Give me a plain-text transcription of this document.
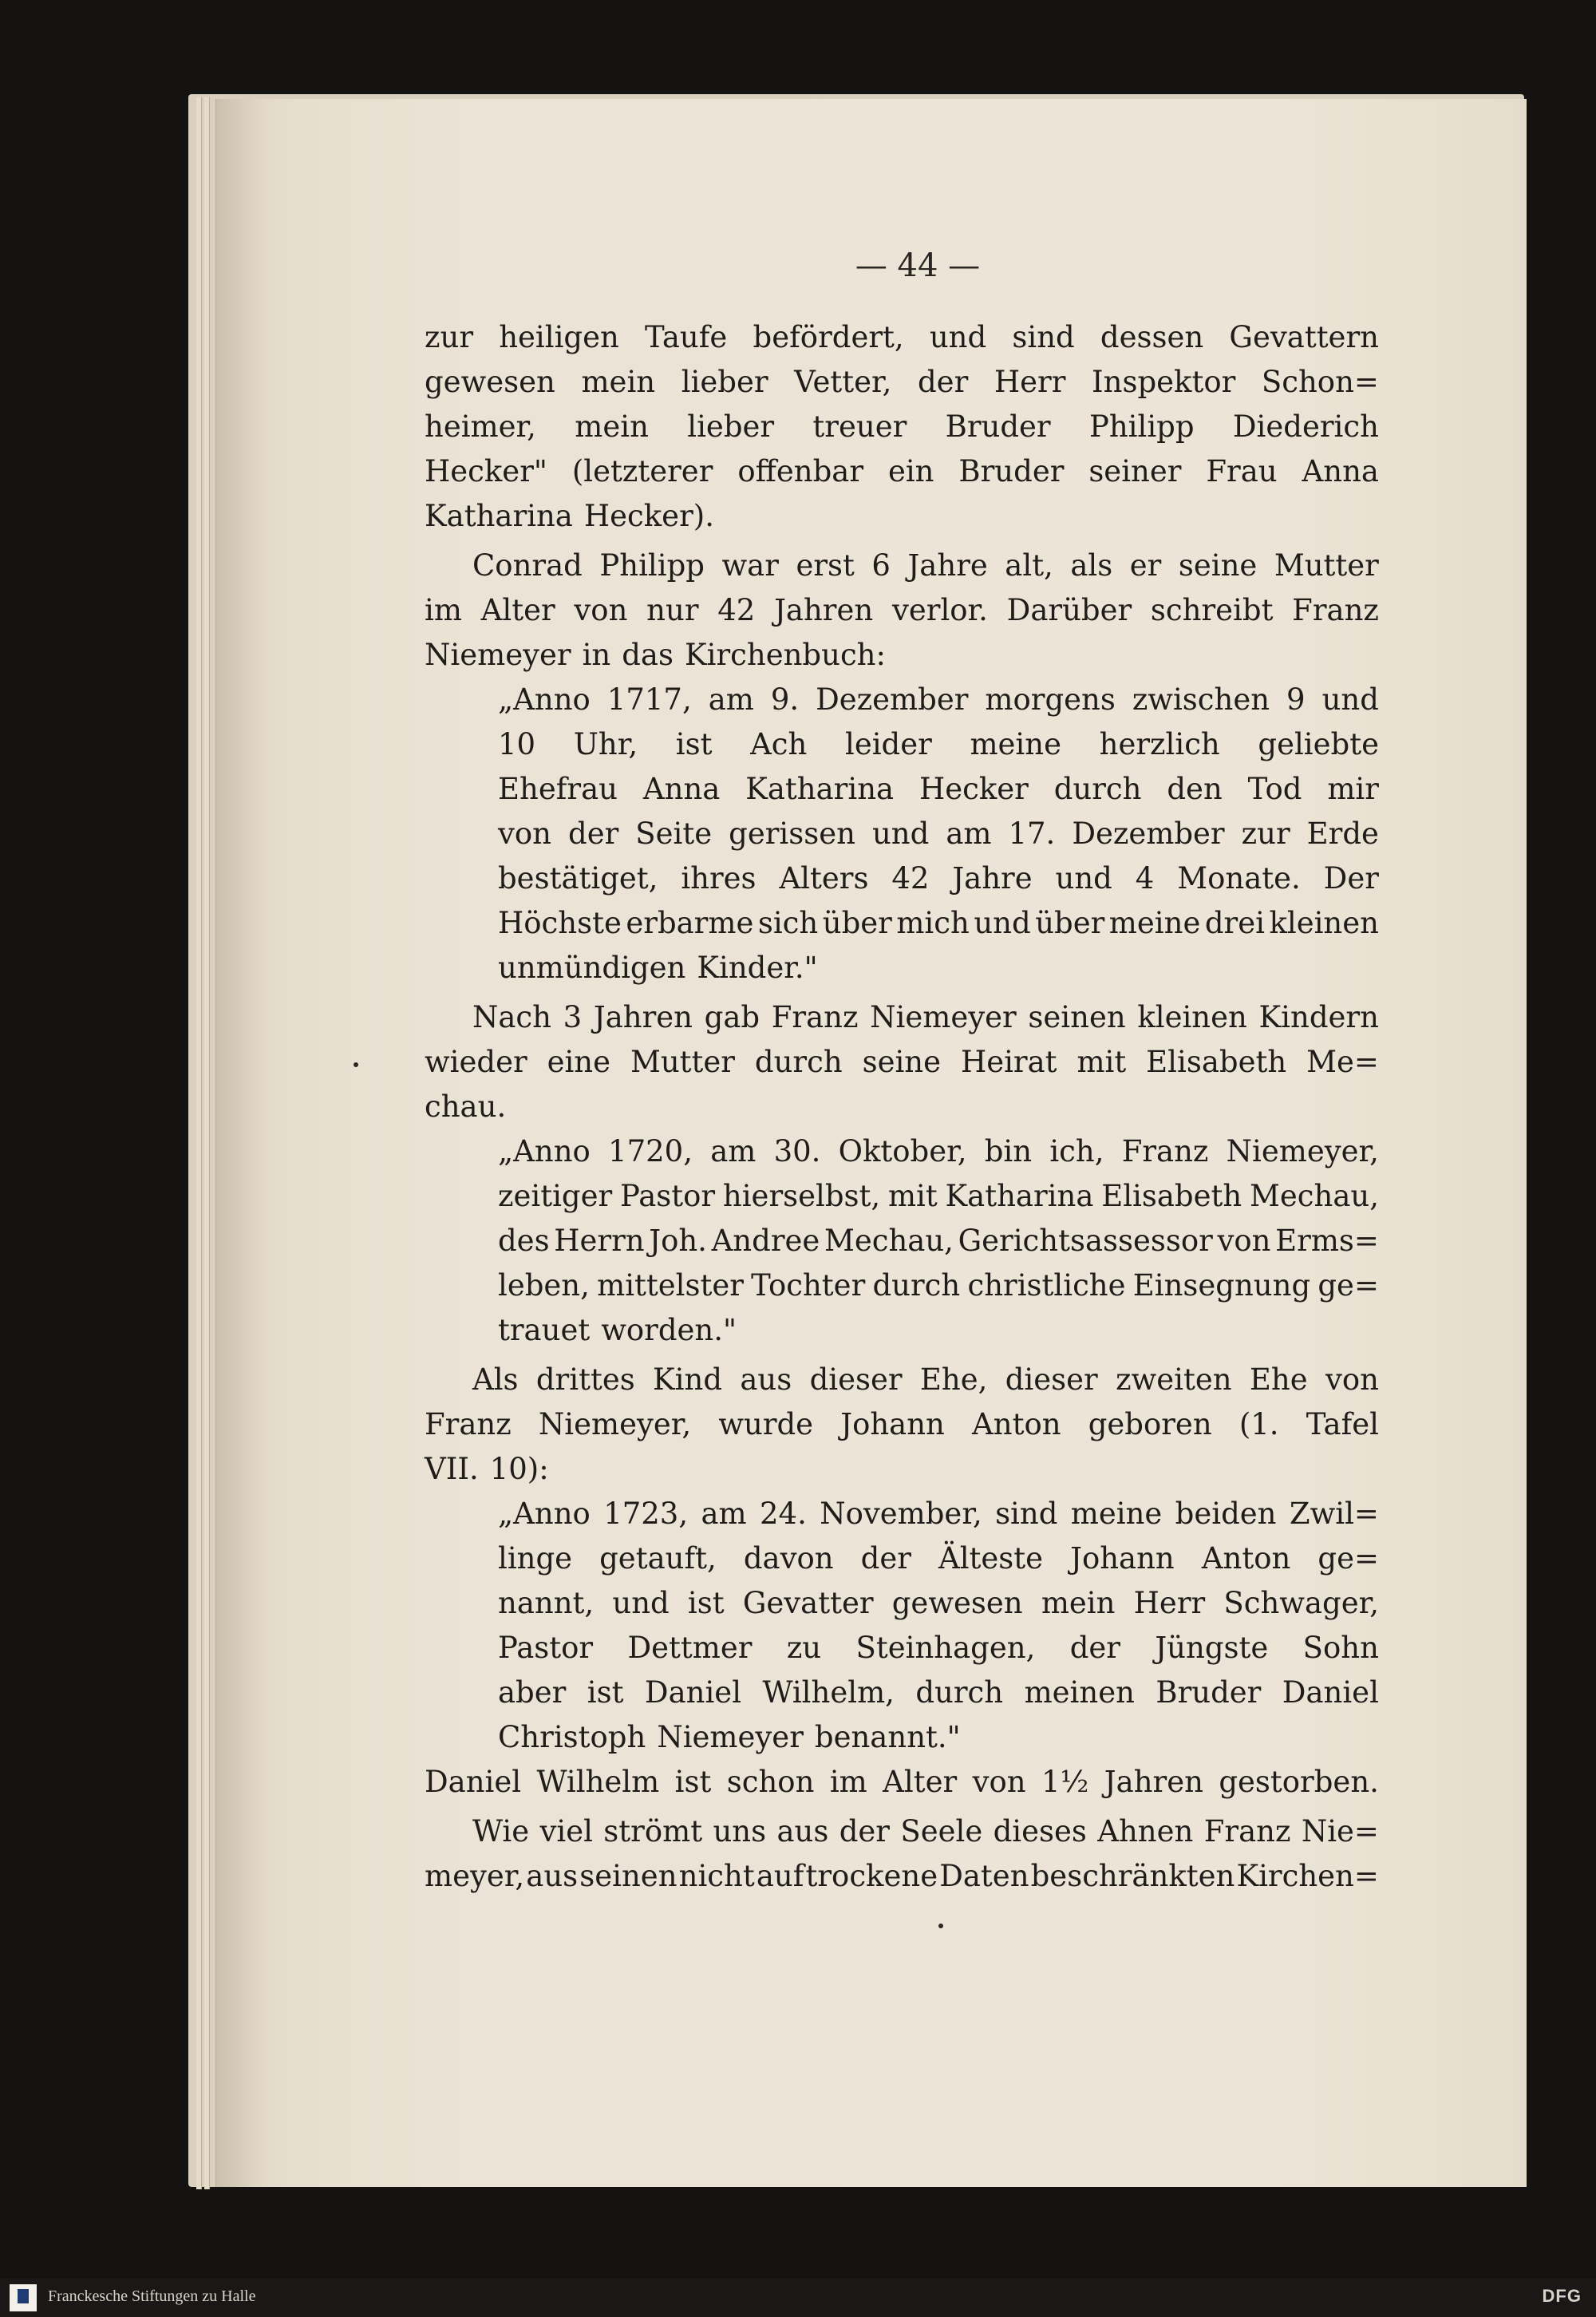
— 44 —
zur heiligen Taufe befördert, und sind dessen Gevattern
gewesen mein lieber Vetter, der Herr Inspektor Schon=
heimer, mein lieber treuer Bruder Philipp Diederich
Hecker" (letzterer offenbar ein Bruder seiner Frau Anna
Katharina Hecker).
Conrad Philipp war erst 6 Jahre alt, als er seine Mutter
im Alter von nur 42 Jahren verlor. Darüber schreibt Franz
Niemeyer in das Kirchenbuch:
„Anno 1717, am 9. Dezember morgens zwischen 9 und
10 Uhr, ist Ach leider meine herzlich geliebte
Ehefrau Anna Katharina Hecker durch den Tod mir
von der Seite gerissen und am 17. Dezember zur Erde
bestätiget, ihres Alters 42 Jahre und 4 Monate. Der
Höchste erbarme sich über mich und über meine drei kleinen
unmündigen Kinder."
Nach 3 Jahren gab Franz Niemeyer seinen kleinen Kindern
wieder eine Mutter durch seine Heirat mit Elisabeth Me=
chau.
„Anno 1720, am 30. Oktober, bin ich, Franz Niemeyer,
zeitiger Pastor hierselbst, mit Katharina Elisabeth Mechau,
des Herrn Joh. Andree Mechau, Gerichtsassessor von Erms=
leben, mittelster Tochter durch christliche Einsegnung ge=
trauet worden."
Als drittes Kind aus dieser Ehe, dieser zweiten Ehe von
Franz Niemeyer, wurde Johann Anton geboren (1. Tafel
VII. 10):
„Anno 1723, am 24. November, sind meine beiden Zwil=
linge getauft, davon der Älteste Johann Anton ge=
nannt, und ist Gevatter gewesen mein Herr Schwager,
Pastor Dettmer zu Steinhagen, der Jüngste Sohn
aber ist Daniel Wilhelm, durch meinen Bruder Daniel
Christoph Niemeyer benannt."
Daniel Wilhelm ist schon im Alter von 1½ Jahren gestorben.
Wie viel strömt uns aus der Seele dieses Ahnen Franz Nie=
meyer, aus seinen nicht auf trockene Daten beschränkten Kirchen=
Franckesche Stiftungen zu Halle	DFG
